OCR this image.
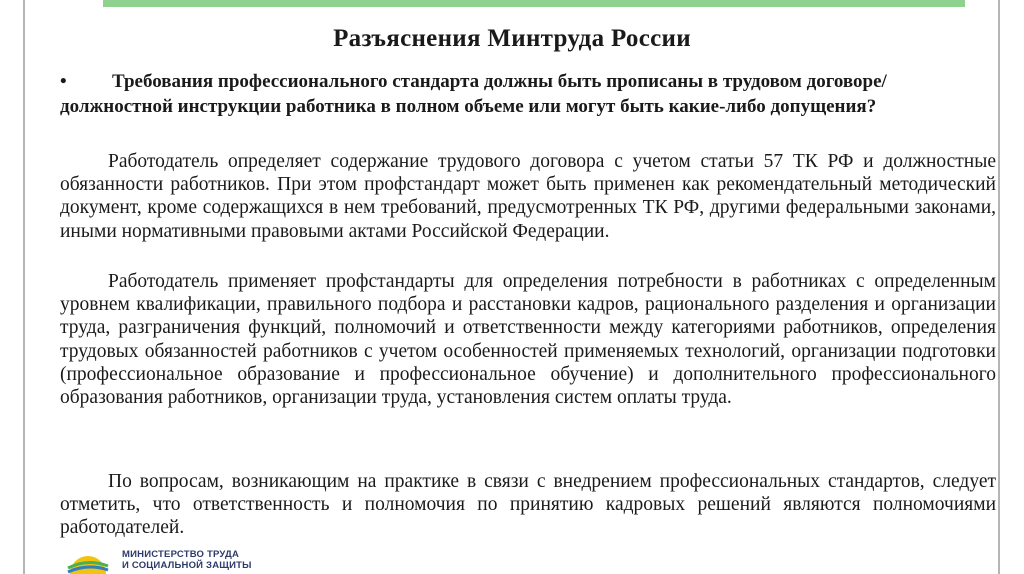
Разъяснения Минтруда России
• Требования профессионального стандарта должны быть прописаны в трудовом договоре/должностной инструкции работника в полном объеме или могут быть какие-либо допущения?

Работодатель определяет содержание трудового договора с учетом статьи 57 ТК РФ и должностные обязанности работников. При этом профстандарт может быть применен как рекомендательный методический документ, кроме содержащихся в нем требований, предусмотренных ТК РФ, другими федеральными законами, иными нормативными правовыми актами Российской Федерации.

Работодатель применяет профстандарты для определения потребности в работниках с определенным уровнем квалификации, правильного подбора и расстановки кадров, рационального разделения и организации труда, разграничения функций, полномочий и ответственности между категориями работников, определения трудовых обязанностей работников с учетом особенностей применяемых технологий, организации подготовки (профессиональное образование и профессиональное обучение) и дополнительного профессионального образования работников, организации труда, установления систем оплаты труда.

По вопросам, возникающим на практике в связи с внедрением профессиональных стандартов, следует отметить, что ответственность и полномочия по принятию кадровых решений являются полномочиями работодателей.

МИНИСТЕРСТВО ТРУДА
И СОЦИАЛЬНОЙ ЗАЩИТЫ
